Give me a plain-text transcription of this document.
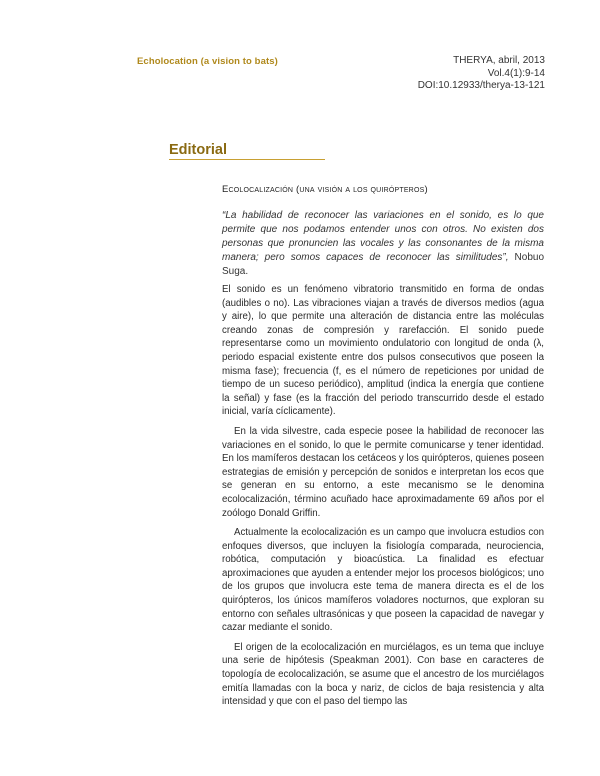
Echolocation (a vision to bats)	THERYA, abril, 2013
Vol.4(1):9-14
DOI:10.12933/therya-13-121
Editorial
Ecolocalización (una visión a los quirópteros)
“La habilidad de reconocer las variaciones en el sonido, es lo que permite que nos podamos entender unos con otros. No existen dos personas que pronuncien las vocales y las consonantes de la misma manera; pero somos capaces de reconocer las similitudes”, Nobuo Suga.

El sonido es un fenómeno vibratorio transmitido en forma de ondas (audibles o no). Las vibraciones viajan a través de diversos medios (agua y aire), lo que permite una alteración de distancia entre las moléculas creando zonas de compresión y rarefacción. El sonido puede representarse como un movimiento ondulatorio con longitud de onda (λ, periodo espacial existente entre dos pulsos consecutivos que poseen la misma fase); frecuencia (f, es el número de repeticiones por unidad de tiempo de un suceso periódico), amplitud (indica la energía que contiene la señal) y fase (es la fracción del periodo transcurrido desde el estado inicial, varía cíclicamente).

En la vida silvestre, cada especie posee la habilidad de reconocer las variaciones en el sonido, lo que le permite comunicarse y tener identidad. En los mamíferos destacan los cetáceos y los quirópteros, quienes poseen estrategias de emisión y percepción de sonidos e interpretan los ecos que se generan en su entorno, a este mecanismo se le denomina ecolocalización, término acuñado hace aproximadamente 69 años por el zoólogo Donald Griffin.

Actualmente la ecolocalización es un campo que involucra estudios con enfoques diversos, que incluyen la fisiología comparada, neurociencia, robótica, computación y bioacústica. La finalidad es efectuar aproximaciones que ayuden a entender mejor los procesos biológicos; uno de los grupos que involucra este tema de manera directa es el de los quirópteros, los únicos mamíferos voladores nocturnos, que exploran su entorno con señales ultrasónicas y que poseen la capacidad de navegar y cazar mediante el sonido.

El origen de la ecolocalización en murciélagos, es un tema que incluye una serie de hipótesis (Speakman 2001). Con base en caracteres de topología de ecolocalización, se asume que el ancestro de los murciélagos emitía llamadas con la boca y nariz, de ciclos de baja resistencia y alta intensidad y que con el paso del tiempo las
